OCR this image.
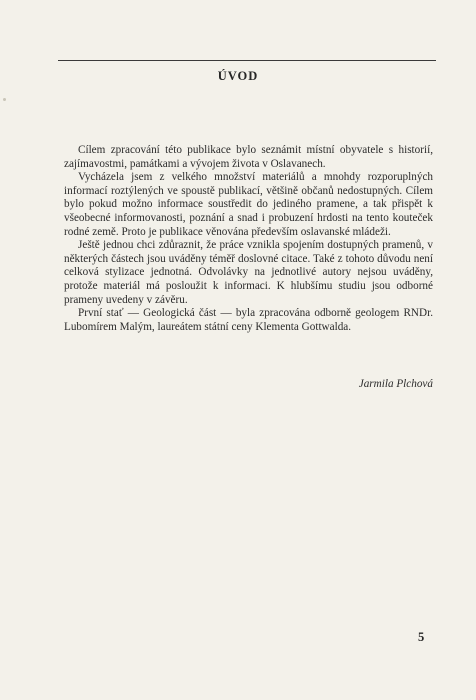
ÚVOD

Cílem zpracování této publikace bylo seznámit místní obyvatele s historií, zajímavostmi, památkami a vývojem života v Oslavanech.

Vycházela jsem z velkého množství materiálů a mnohdy rozporuplných informací roztýlených ve spoustě publikací, většině občanů nedostupných. Cílem bylo pokud možno informace soustředit do jediného pramene, a tak přispět k všeobecné informovanosti, poznání a snad i probuzení hrdosti na tento kouteček rodné země. Proto je publikace věnována především oslavanské mládeži.

Ještě jednou chci zdůraznit, že práce vznikla spojením dostupných pramenů, v některých částech jsou uváděny téměř doslovné citace. Také z tohoto důvodu není celková stylizace jednotná. Odvolávky na jednotlivé autory nejsou uváděny, protože materiál má posloužit k informaci. K hlubšímu studiu jsou odborné prameny uvedeny v závěru.

První stať — Geologická část — byla zpracována odborně geologem RNDr. Lubomírem Malým, laureátem státní ceny Klementa Gottwalda.

Jarmila Plchová
5
